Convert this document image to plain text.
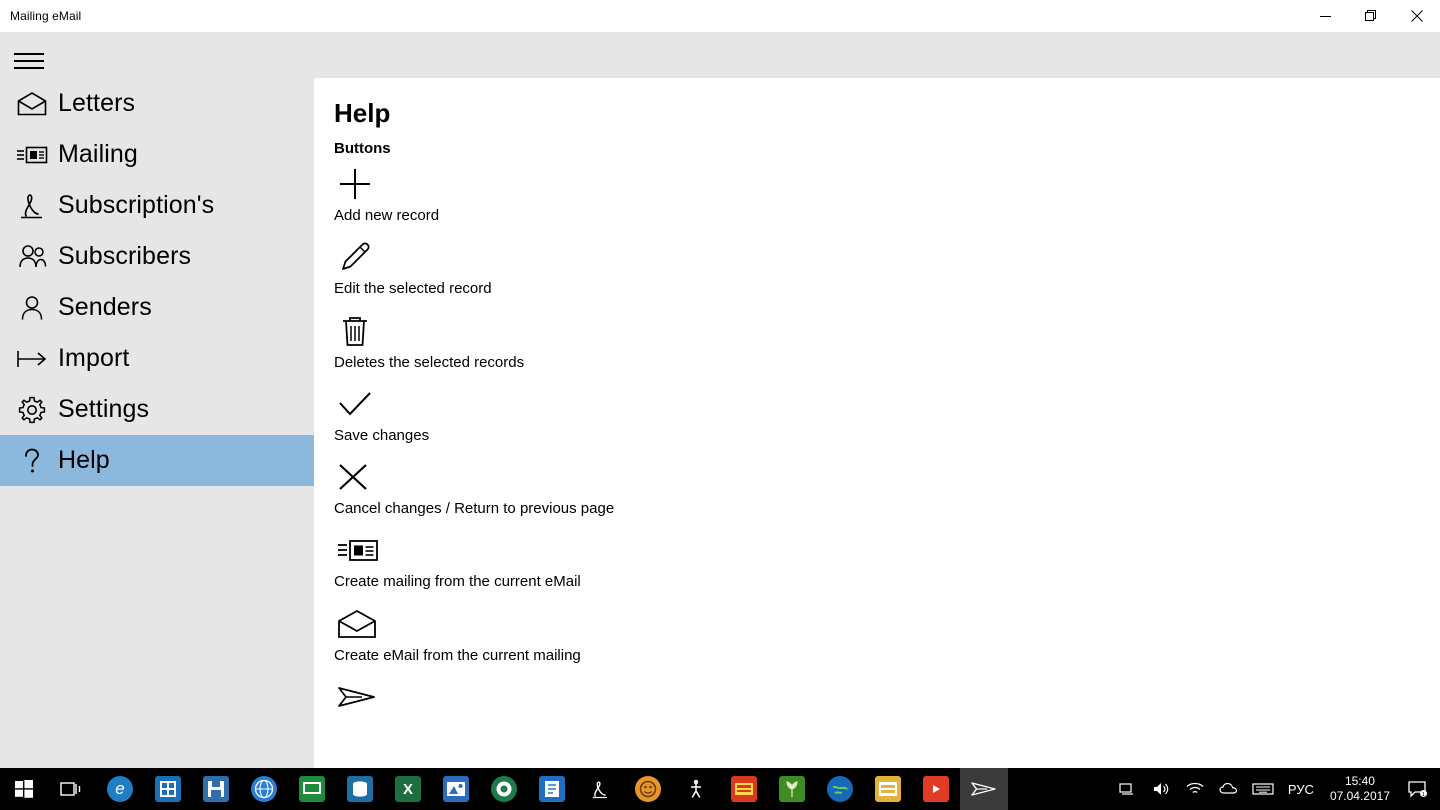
Mailing eMail
Letters
Mailing
Subscription's
Subscribers
Senders
Import
Settings
Help
Help
Buttons
Add new record
Edit the selected record
Deletes the selected records
Save changes
Cancel changes / Return to previous page
Create mailing from the current eMail
Create eMail from the current mailing
e	X	РУС
15:40
07.04.2017	1
